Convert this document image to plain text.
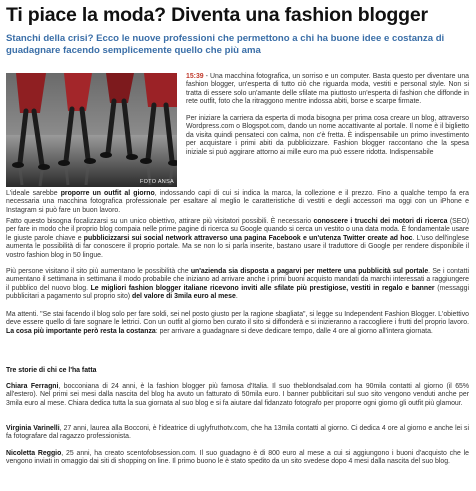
Ti piace la moda? Diventa una fashion blogger
Stanchi della crisi? Ecco le nuove professioni che permettono a chi ha buone idee e costanza di guadagnare facendo semplicemente quello che più ama
FOTO ANSA

15:39 - Una macchina fotografica, un sorriso e un computer. Basta questo per diventare una fashion blogger, un'esperta di tutto ciò che riguarda moda, vestiti e personal style. Non si tratta di essere solo un'amante delle sfilate ma piuttosto un'esperta di fashion che diffonde in rete outfit, foto che la ritraggono mentre indossa abiti, borse e scarpe firmate.

Per iniziare la carriera da esperta di moda bisogna per prima cosa creare un blog, attraverso Wordpress.com o Blogspot.com, dando un nome accattivante al portale. Il nome è il biglietto da visita quindi pensateci con calma, non c'è fretta. È indispensabile un primo investimento per acquistare i primi abiti da pubblicizzare. Fashion blogger raccontano che la spesa iniziale si può aggirare attorno ai mille euro ma può essere ridotta. Indispensabile

L'ideale sarebbe proporre un outfit al giorno, indossando capi di cui si indica la marca, la collezione e il prezzo. Fino a qualche tempo fa era necessaria una macchina fotografica professionale per esaltare al meglio le caratteristiche di vestiti e degli accessori ma oggi con un iPhone e Instagram si può fare un buon lavoro.

Fatto questo bisogna focalizzarsi su un unico obiettivo, attirare più visitatori possibili. È necessario conoscere i trucchi dei motori di ricerca (SEO) per fare in modo che il proprio blog compaia nelle prime pagine di ricerca su Google quando si cerca un vestito o una data moda. È fondamentale usare le giuste parole chiave e pubblicizzarsi sui social network attraverso una pagina Facebook e un'utenza Twitter create ad hoc. L'uso dell'inglese aumenta le possibilità di far conoscere il proprio portale. Ma se non lo si parla inserite, bastano usare il traduttore di Google per rendere disponibile il vostro fashion blog in 50 lingue.

Più persone visitano il sito più aumentano le possibilità che un'azienda sia disposta a pagarvi per mettere una pubblicità sul portale. Se i contatti aumentano il settimana in settimana il modo probabile che iniziano ad arrivare anche i primi buoni acquisto mandati da marchi interessati a raggiungere il pubblico del nuovo blog. Le migliori fashion blogger italiane ricevono inviti alle sfilate più prestigiose, vestiti in regalo e banner (messaggi pubblicitari a pagamento sul proprio sito) del valore di 3mila euro al mese.

Ma attenti. "Se stai facendo il blog solo per fare soldi, sei nel posto giusto per la ragione sbagliata", si legge su Independent Fashion Blogger. L'obiettivo deve essere quello di fare sognare le lettrici. Con un outfit al giorno ben curato il sito si diffonderà e si inizieranno a raccogliere i frutti del proprio lavoro. La cosa più importante però resta la costanza: per arrivare a guadagnare si deve dedicare tempo, dalle 4 ore al giorno all'intera giornata.

Tre storie di chi ce l'ha fatta

Chiara Ferragni, bocconiana di 24 anni, è la fashion blogger più famosa d'Italia. Il suo theblondsalad.com ha 90mila contatti al giorno (il 65% all'estero). Nel primi sei mesi dalla nascita del blog ha avuto un fatturato di 50mila euro. I banner pubblicitari sul suo sito vengono venduti anche per 3mila euro al mese. Chiara dedica tutta la sua giornata al suo blog e si fa aiutare dal fidanzato fotografo per proporre ogni giorno gli outfit più glamour.

Virginia Varinelli, 27 anni, laurea alla Bocconi, è l'ideatrice di uglyfruthotv.com, che ha 13mila contatti al giorno. Ci dedica 4 ore al giorno e anche lei si fa fotografare dal ragazzo professionista.

Nicoletta Reggio, 25 anni, ha creato scentofobsession.com. Il suo guadagno è di 800 euro al mese a cui si aggiungono i buoni d'acquisto che le vengono inviati in omaggio dai siti di shopping on line. Il primo buono le è stato spedito da un sito svedese dopo 4 mesi dalla nascita del suo blog.
